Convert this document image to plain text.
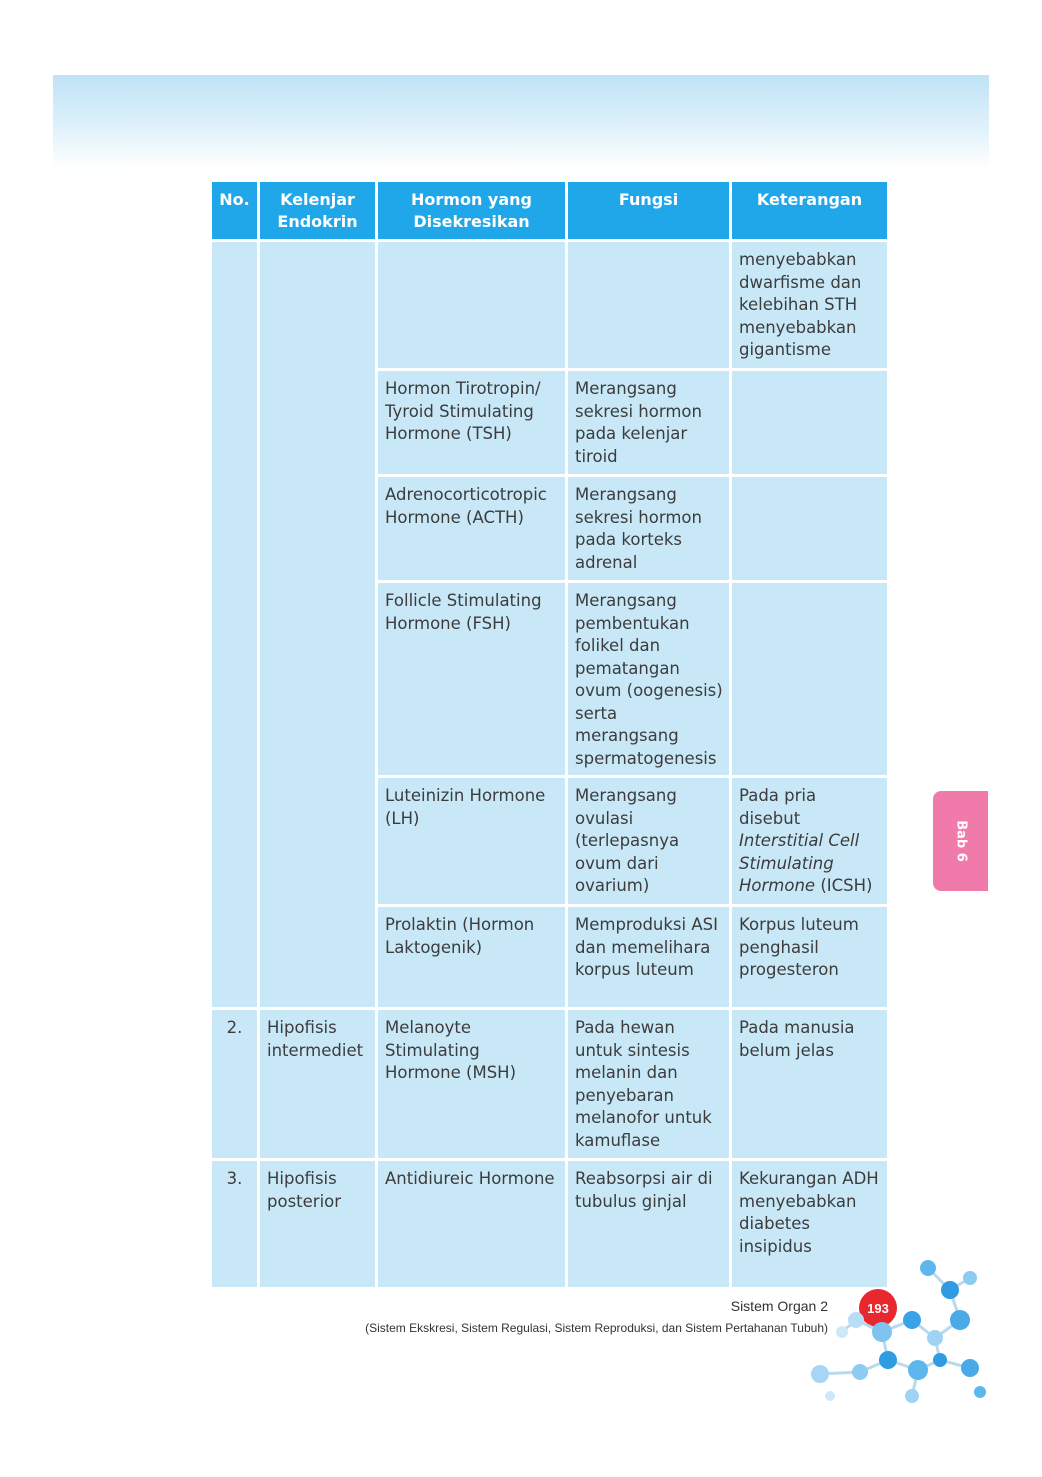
No.	Kelenjar Endokrin	Hormon yang Disekresikan	Fungsi	Keterangan
				menyebabkan dwarfisme dan kelebihan STH menyebabkan gigantisme
		Hormon Tirotropin/ Tyroid Stimulating Hormone (TSH)	Merangsang sekresi hormon pada kelenjar tiroid	
		Adrenocorticotropic Hormone (ACTH)	Merangsang sekresi hormon pada korteks adrenal	
		Follicle Stimulating Hormone (FSH)	Merangsang pembentukan folikel dan pematangan ovum (oogenesis) serta merangsang spermatogenesis	
		Luteinizin Hormone (LH)	Merangsang ovulasi (terlepasnya ovum dari ovarium)	Pada pria disebut Interstitial Cell Stimulating Hormone (ICSH)
		Prolaktin (Hormon Laktogenik)	Memproduksi ASI dan memelihara korpus luteum	Korpus luteum penghasil progesteron
2.	Hipofisis intermediet	Melanoyte Stimulating Hormone (MSH)	Pada hewan untuk sintesis melanin dan penyebaran melanofor untuk kamuflase	Pada manusia belum jelas
3.	Hipofisis posterior	Antidiureic Hormone	Reabsorpsi air di tubulus ginjal	Kekurangan ADH menyebabkan diabetes insipidus
Bab 6
Sistem Organ 2
(Sistem Ekskresi, Sistem Regulasi, Sistem Reproduksi, dan Sistem Pertahanan Tubuh)
193
